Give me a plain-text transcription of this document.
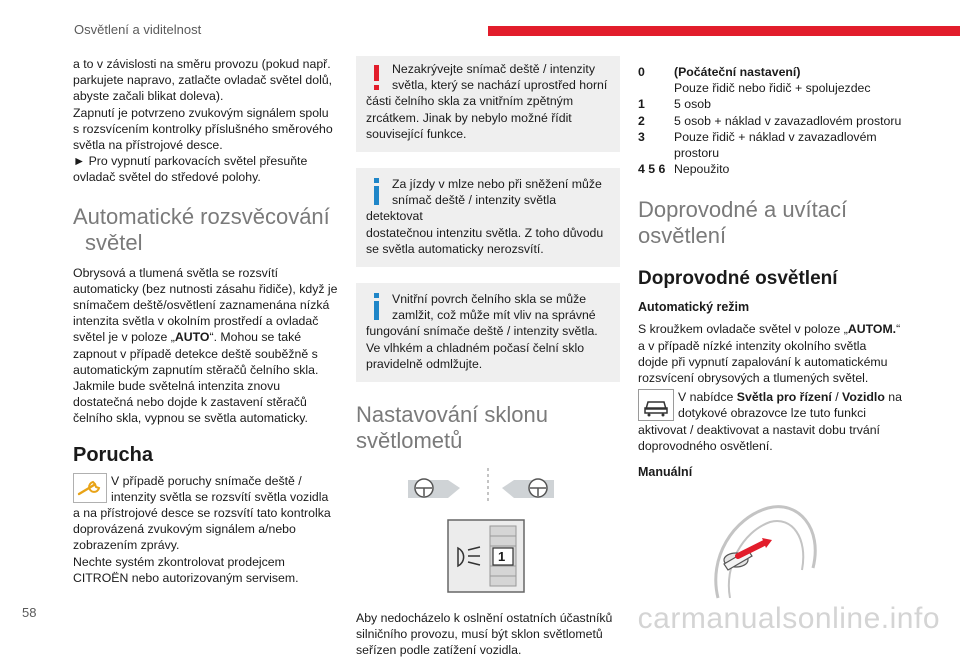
Osvětlení a viditelnost

a to v závislosti na směru provozu (pokud např.

parkujete napravo, zatlačte ovladač světel dolů,

abyste začali blikat doleva).

Zapnutí je potvrzeno zvukovým signálem spolu

s rozsvícením kontrolky příslušného směrového

světla na přístrojové desce.

► Pro vypnutí parkovacích světel přesuňte

ovladač světel do středové polohy.

Automatické rozsvěcování
světel

Obrysová a tlumená světla se rozsvítí

automaticky (bez nutnosti zásahu řidiče), když je

snímačem deště/osvětlení zaznamenána nízká

intenzita světla v okolním prostředí a ovladač

světel je v poloze „AUTO“. Mohou se také

zapnout v případě detekce deště souběžně s

automatickým zapnutím stěračů čelního skla.

Jakmile bude světelná intenzita znovu

dostatečná nebo dojde k zastavení stěračů

čelního skla, vypnou se světla automaticky.

Porucha

V případě poruchy snímače deště /

intenzity světla se rozsvítí světla vozidla

a na přístrojové desce se rozsvítí tato kontrolka

doprovázená zvukovým signálem a/nebo

zobrazením zprávy.

Nechte systém zkontrolovat prodejcem

CITROËN nebo autorizovaným servisem.

Nezakrývejte snímač deště / intenzity

světla, který se nachází uprostřed horní

části čelního skla za vnitřním zpětným

zrcátkem. Jinak by nebylo možné řídit

související funkce.

Za jízdy v mlze nebo při sněžení může

snímač deště / intenzity světla detektovat

dostatečnou intenzitu světla. Z toho důvodu

se světla automaticky nerozsvítí.

Vnitřní povrch čelního skla se může

zamlžit, což může mít vliv na správné

fungování snímače deště / intenzity světla.

Ve vlhkém a chladném počasí čelní sklo

pravidelně odmlžujte.

Nastavování sklonu
světlometů
1

Aby nedocházelo k oslnění ostatních účastníků

silničního provozu, musí být sklon světlometů

seřízen podle zatížení vozidla.

0	(Počáteční nastavení)
Pouze řidič nebo řidič + spolujezdec
1	5 osob
2	5 osob + náklad v zavazadlovém prostoru
3	Pouze řidič + náklad v zavazadlovém
prostoru
4 5 6 Nepoužito
Doprovodné a uvítací
osvětlení
Doprovodné osvětlení
Automatický režim

S kroužkem ovladače světel v poloze „AUTOM.“

a v případě nízké intenzity okolního světla

dojde při vypnutí zapalování k automatickému

rozsvícení obrysových a tlumených světel.

V nabídce Světla pro řízení / Vozidlo na

dotykové obrazovce lze tuto funkci

aktivovat / deaktivovat a nastavit dobu trvání

doprovodného osvětlení.

Manuální
58	carmanualsonline.info
